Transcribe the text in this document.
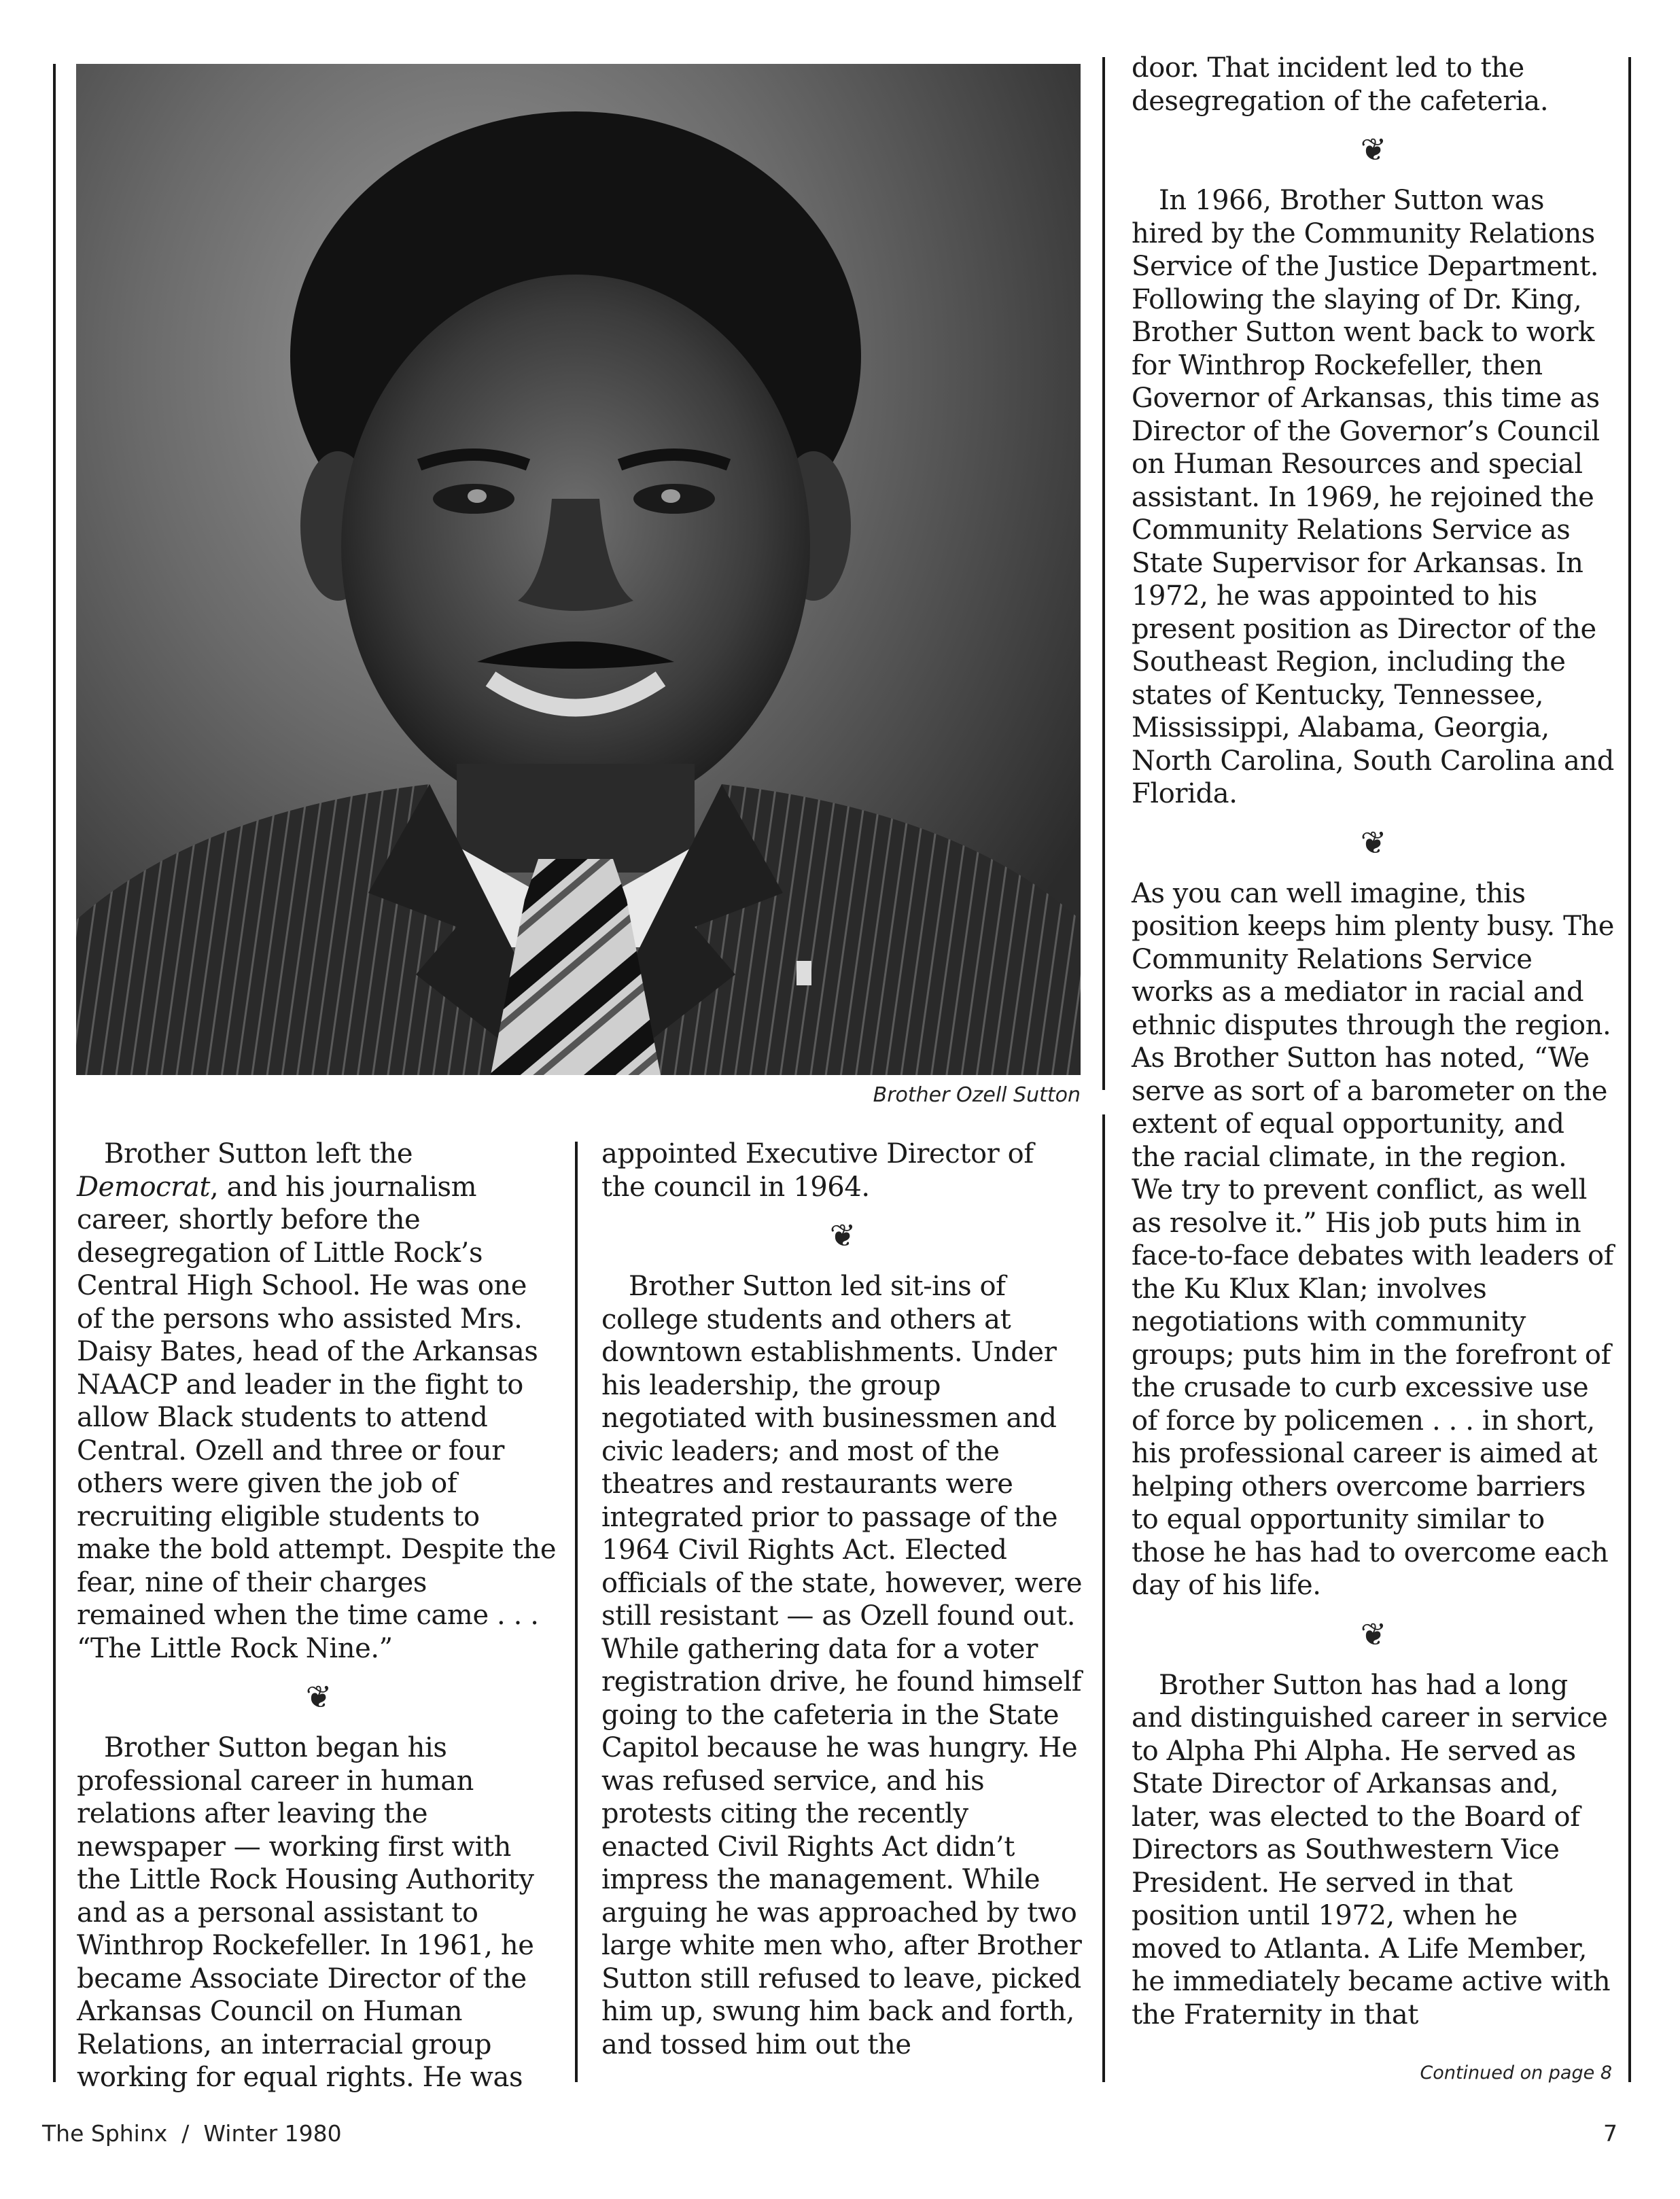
Brother Ozell Sutton

Brother Sutton left the Democrat, and his journalism career, shortly before the desegregation of Little Rock’s Central High School. He was one of the persons who assisted Mrs. Daisy Bates, head of the Arkansas NAACP and leader in the fight to allow Black students to attend Central. Ozell and three or four others were given the job of recruiting eligible students to make the bold attempt. Despite the fear, nine of their charges remained when the time came . . . “The Little Rock Nine.”

❦

Brother Sutton began his professional career in human relations after leaving the newspaper — working first with the Little Rock Housing Authority and as a personal assistant to Winthrop Rockefeller. In 1961, he became Associate Director of the Arkansas Council on Human Relations, an interracial group working for equal rights. He was

appointed Executive Director of the council in 1964.

❦

Brother Sutton led sit-ins of college students and others at downtown establishments. Under his leadership, the group negotiated with businessmen and civic leaders; and most of the theatres and restaurants were integrated prior to passage of the 1964 Civil Rights Act. Elected officials of the state, however, were still resistant — as Ozell found out. While gathering data for a voter registration drive, he found himself going to the cafeteria in the State Capitol because he was hungry. He was refused service, and his protests citing the recently enacted Civil Rights Act didn’t impress the management. While arguing he was approached by two large white men who, after Brother Sutton still refused to leave, picked him up, swung him back and forth, and tossed him out the

door. That incident led to the desegregation of the cafeteria.

❦

In 1966, Brother Sutton was hired by the Community Relations Service of the Justice Department. Following the slaying of Dr. King, Brother Sutton went back to work for Winthrop Rockefeller, then Governor of Arkansas, this time as Director of the Governor’s Council on Human Resources and special assistant. In 1969, he rejoined the Community Relations Service as State Supervisor for Arkansas. In 1972, he was appointed to his present position as Director of the Southeast Region, including the states of Kentucky, Tennessee, Mississippi, Alabama, Georgia, North Carolina, South Carolina and Florida.

❦

As you can well imagine, this position keeps him plenty busy. The Community Relations Service works as a mediator in racial and ethnic disputes through the region. As Brother Sutton has noted, “We serve as sort of a barometer on the extent of equal opportunity, and the racial climate, in the region. We try to prevent conflict, as well as resolve it.” His job puts him in face-to-face debates with leaders of the Ku Klux Klan; involves negotiations with community groups; puts him in the forefront of the crusade to curb excessive use of force by policemen . . . in short, his professional career is aimed at helping others overcome barriers to equal opportunity similar to those he has had to overcome each day of his life.

❦

Brother Sutton has had a long and distinguished career in service to Alpha Phi Alpha. He served as State Director of Arkansas and, later, was elected to the Board of Directors as Southwestern Vice President. He served in that position until 1972, when he moved to Atlanta. A Life Member, he immediately became active with the Fraternity in that

Continued on page 8
The Sphinx  /  Winter 1980	7
